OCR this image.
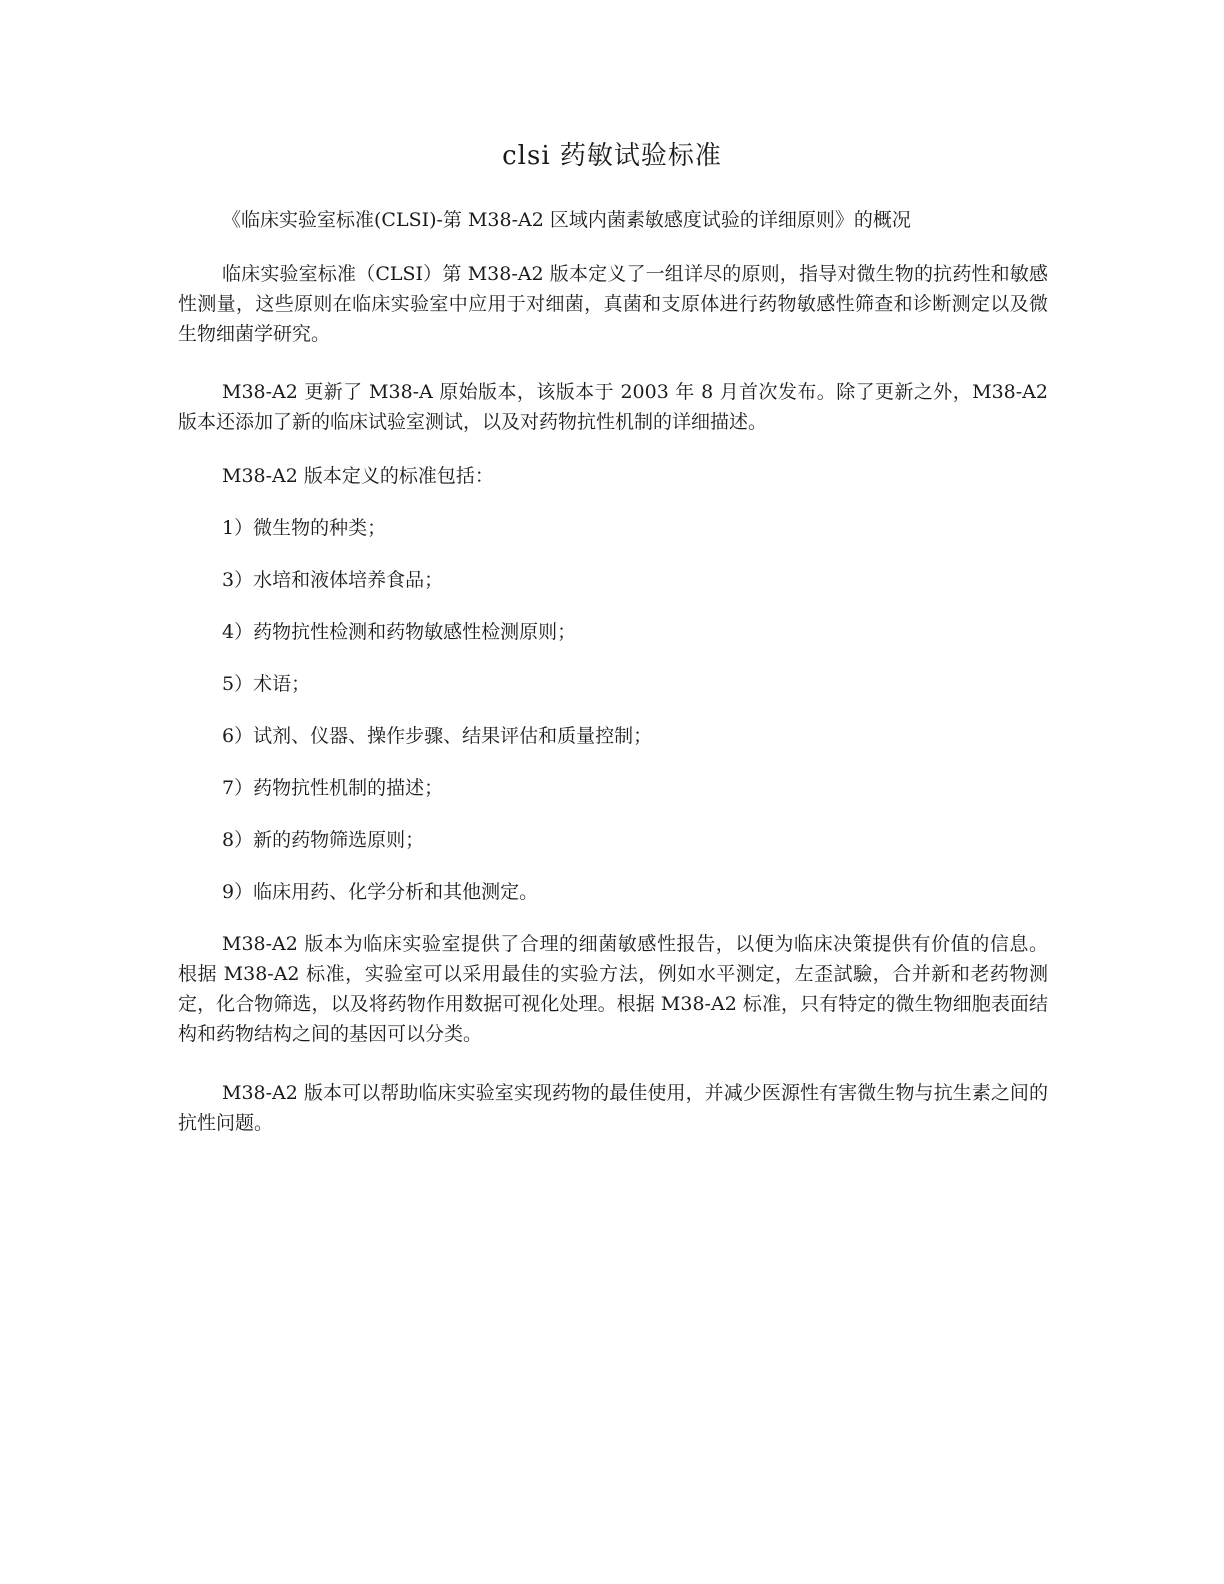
clsi 药敏试验标准

《临床实验室标准(CLSI)-第 M38-A2 区域内菌素敏感度试验的详细原则》的概况

临床实验室标准（CLSI）第 M38-A2 版本定义了一组详尽的原则，指导对微生物的抗药性和敏感性测量，这些原则在临床实验室中应用于对细菌，真菌和支原体进行药物敏感性筛查和诊断测定以及微生物细菌学研究。

M38-A2 更新了 M38-A 原始版本，该版本于 2003 年 8 月首次发布。除了更新之外，M38-A2 版本还添加了新的临床试验室测试，以及对药物抗性机制的详细描述。

M38-A2 版本定义的标准包括：

1）微生物的种类；

3）水培和液体培养食品；

4）药物抗性检测和药物敏感性检测原则；

5）术语；

6）试剂、仪器、操作步骤、结果评估和质量控制；

7）药物抗性机制的描述；

8）新的药物筛选原则；

9）临床用药、化学分析和其他测定。

M38-A2 版本为临床实验室提供了合理的细菌敏感性报告，以便为临床决策提供有价值的信息。 根据 M38-A2 标准，实验室可以采用最佳的实验方法，例如水平测定，左歪試驗，合并新和老药物测定，化合物筛选，以及将药物作用数据可视化处理。根据 M38-A2 标准，只有特定的微生物细胞表面结构和药物结构之间的基因可以分类。

M38-A2 版本可以帮助临床实验室实现药物的最佳使用，并减少医源性有害微生物与抗生素之间的抗性问题。
